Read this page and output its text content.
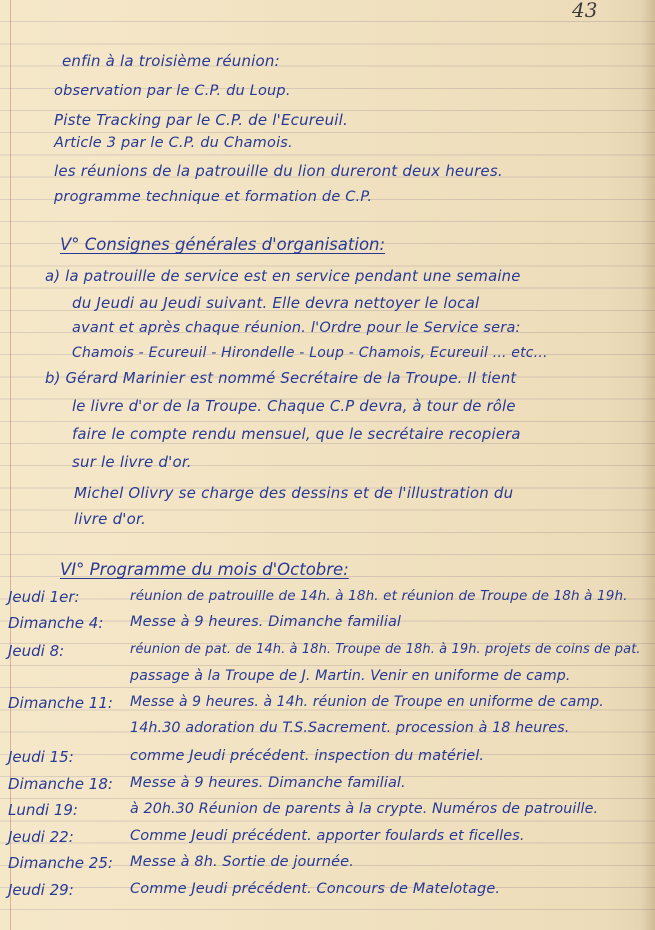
43
enfin à la troisième réunion:
observation par le C.P. du Loup.
Piste Tracking par le C.P. de l'Ecureuil.
Article 3 par le C.P. du Chamois.
les réunions de la patrouille du lion dureront deux heures.
programme technique et formation de C.P.
V° Consignes générales d'organisation:
a) la patrouille de service est en service pendant une semaine
du Jeudi au Jeudi suivant. Elle devra nettoyer le local
avant et après chaque réunion. l'Ordre pour le Service sera:
Chamois - Ecureuil - Hirondelle - Loup - Chamois, Ecureuil ... etc...
b) Gérard Marinier est nommé Secrétaire de la Troupe. Il tient
le livre d'or de la Troupe. Chaque C.P devra, à tour de rôle
faire le compte rendu mensuel, que le secrétaire recopiera
sur le livre d'or.
Michel Olivry se charge des dessins et de l'illustration du
livre d'or.
VI° Programme du mois d'Octobre:
Jeudi 1er:	réunion de patrouille de 14h. à 18h. et réunion de Troupe de 18h à 19h.
Dimanche 4: Messe à 9 heures. Dimanche familial
Jeudi 8:	réunion de pat. de 14h. à 18h. Troupe de 18h. à 19h. projets de coins de pat.
passage à la Troupe de J. Martin. Venir en uniforme de camp.
Dimanche 11: Messe à 9 heures. à 14h. réunion de Troupe en uniforme de camp.
14h.30 adoration du T.S.Sacrement. procession à 18 heures.
Jeudi 15:	comme Jeudi précédent. inspection du matériel.
Dimanche 18: Messe à 9 heures. Dimanche familial.
Lundi 19:	à 20h.30 Réunion de parents à la crypte. Numéros de patrouille.
Jeudi 22:	Comme Jeudi précédent. apporter foulards et ficelles.
Dimanche 25: Messe à 8h. Sortie de journée.
Jeudi 29:	Comme Jeudi précédent. Concours de Matelotage.
